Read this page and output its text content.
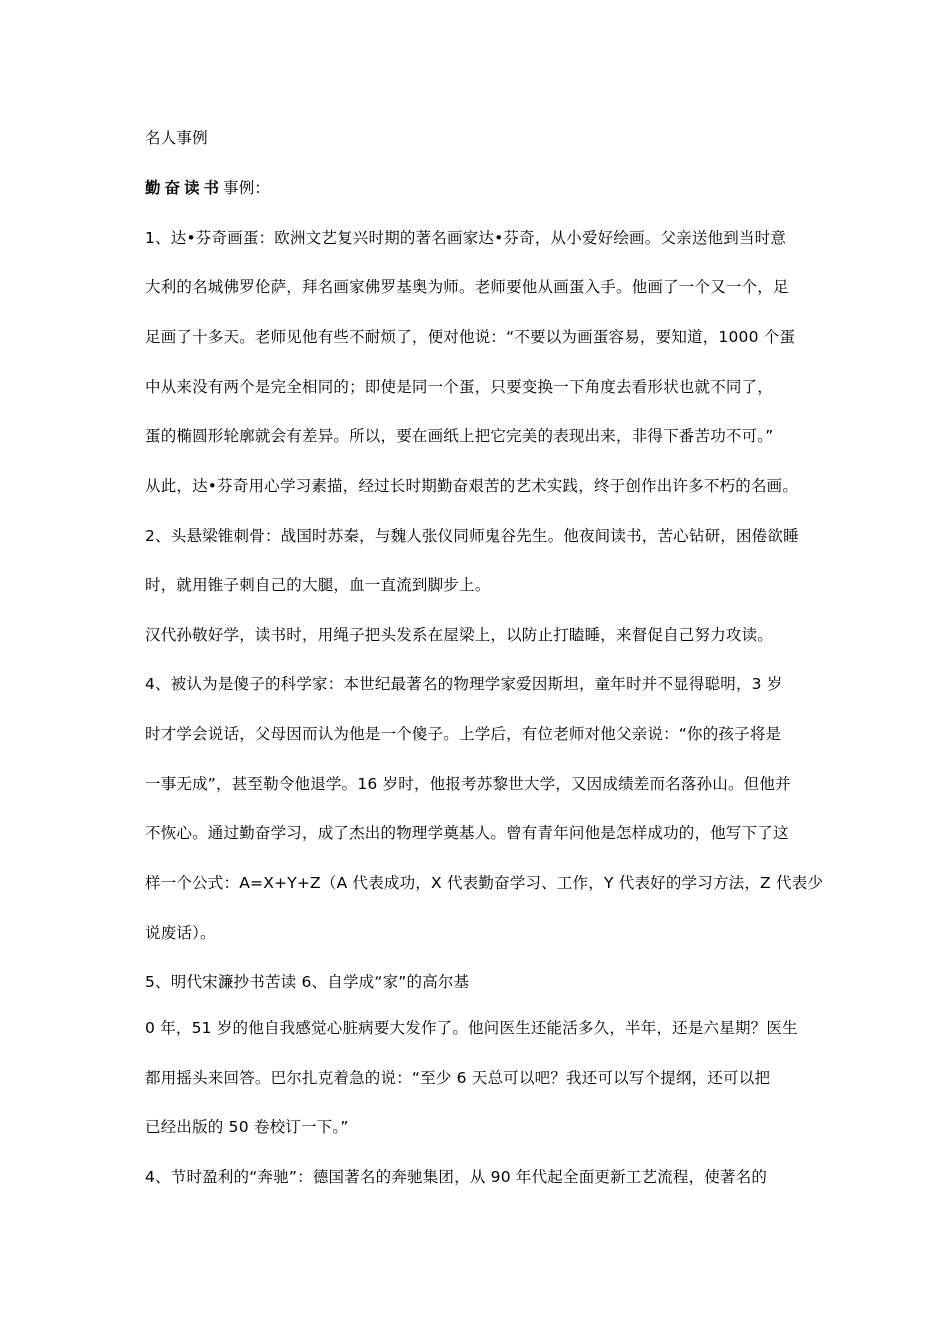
名人事例
勤奋读书事例：
1、达•芬奇画蛋：欧洲文艺复兴时期的著名画家达•芬奇，从小爱好绘画。父亲送他到当时意
大利的名城佛罗伦萨，拜名画家佛罗基奥为师。老师要他从画蛋入手。他画了一个又一个，足
足画了十多天。老师见他有些不耐烦了，便对他说：“不要以为画蛋容易，要知道，1000 个蛋
中从来没有两个是完全相同的；即使是同一个蛋，只要变换一下角度去看形状也就不同了，
蛋的椭圆形轮廓就会有差异。所以，要在画纸上把它完美的表现出来，非得下番苦功不可。”
从此，达•芬奇用心学习素描，经过长时期勤奋艰苦的艺术实践，终于创作出许多不朽的名画。
2、头悬梁锥刺骨：战国时苏秦，与魏人张仪同师鬼谷先生。他夜间读书，苦心钻研，困倦欲睡
时，就用锥子刺自己的大腿，血一直流到脚步上。
汉代孙敬好学，读书时，用绳子把头发系在屋梁上，以防止打瞌睡，来督促自己努力攻读。
4、被认为是傻子的科学家：本世纪最著名的物理学家爱因斯坦，童年时并不显得聪明，3 岁
时才学会说话，父母因而认为他是一个傻子。上学后，有位老师对他父亲说：“你的孩子将是
一事无成”，甚至勒令他退学。16 岁时，他报考苏黎世大学，又因成绩差而名落孙山。但他并
不恢心。通过勤奋学习，成了杰出的物理学奠基人。曾有青年问他是怎样成功的，他写下了这
样一个公式：A=X+Y+Z（A 代表成功，X 代表勤奋学习、工作，Y 代表好的学习方法，Z 代表少
说废话）。
5、明代宋濂抄书苦读 6、自学成“家”的高尔基
0 年，51 岁的他自我感觉心脏病要大发作了。他问医生还能活多久，半年，还是六星期？医生
都用摇头来回答。巴尔扎克着急的说：“至少 6 天总可以吧？我还可以写个提纲，还可以把
已经出版的 50 卷校订一下。”
4、节时盈利的“奔驰”：德国著名的奔驰集团，从 90 年代起全面更新工艺流程，使著名的
